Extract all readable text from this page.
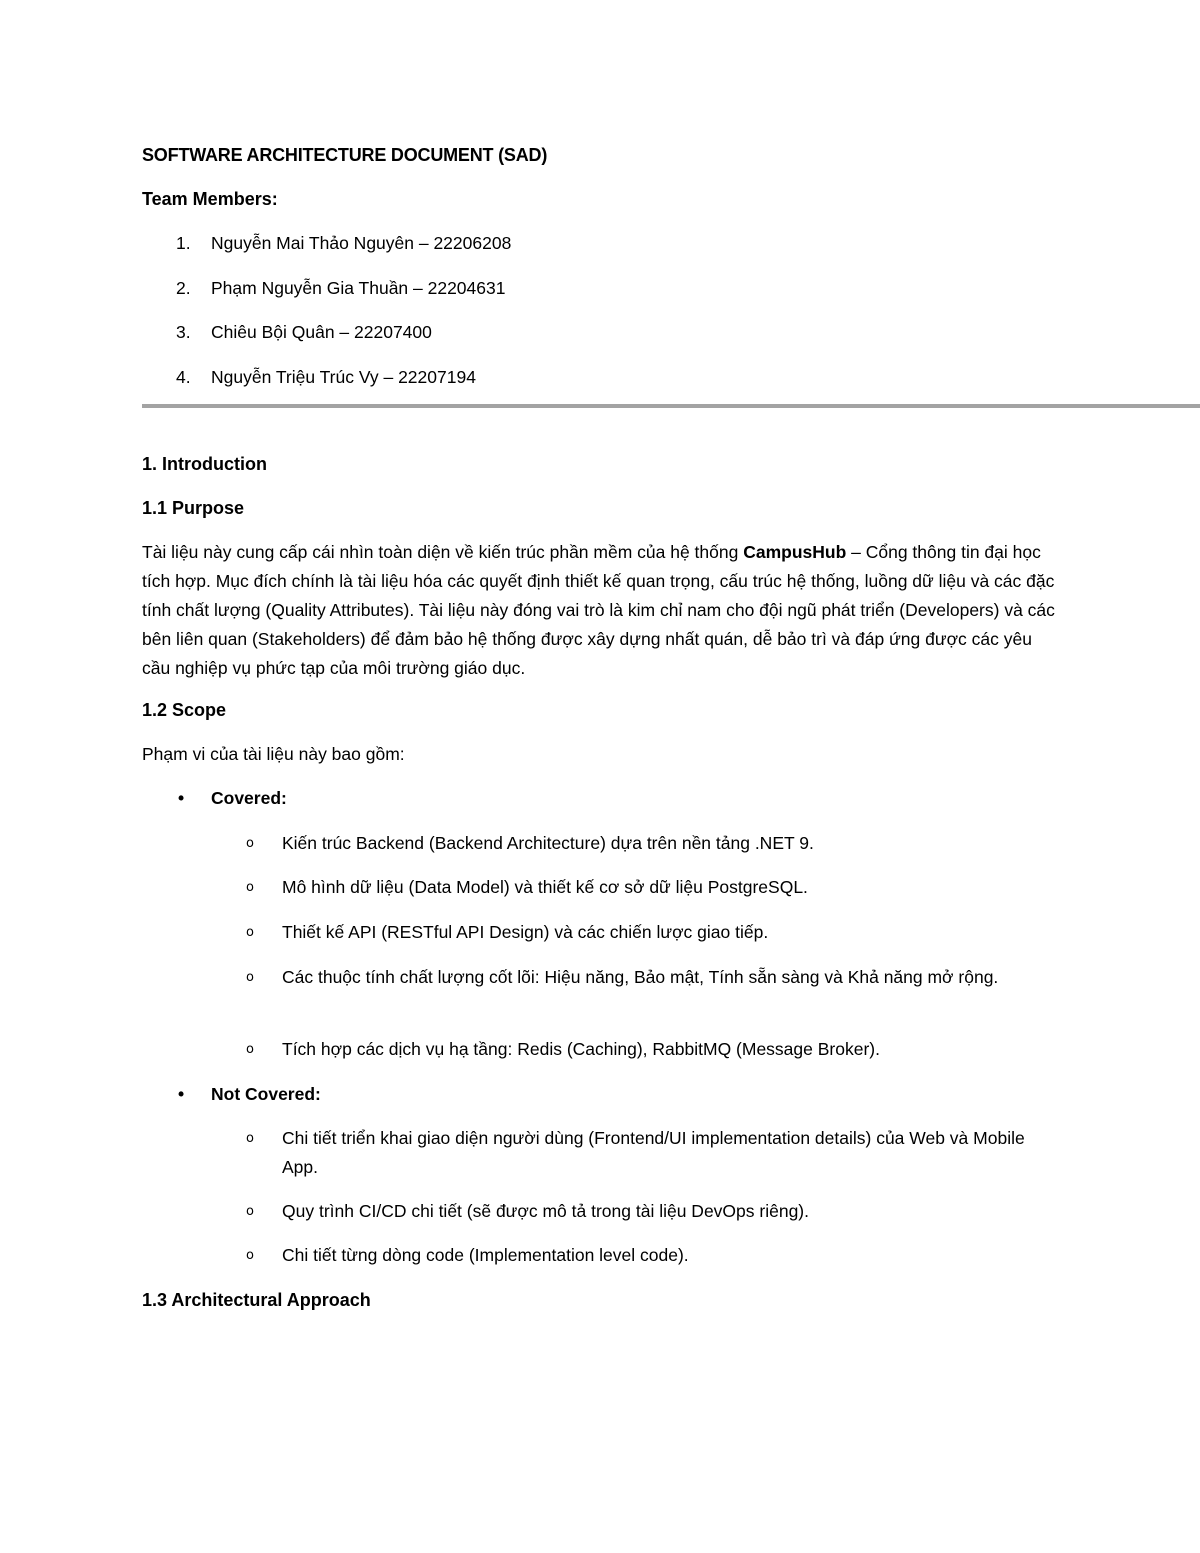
SOFTWARE ARCHITECTURE DOCUMENT (SAD)
Team Members:
1. Nguyễn Mai Thảo Nguyên – 22206208
2. Phạm Nguyễn Gia Thuần – 22204631
3. Chiêu Bội Quân – 22207400
4. Nguyễn Triệu Trúc Vy – 22207194
1. Introduction
1.1 Purpose

Tài liệu này cung cấp cái nhìn toàn diện về kiến trúc phần mềm của hệ thống CampusHub – Cổng thông tin đại học tích hợp. Mục đích chính là tài liệu hóa các quyết định thiết kế quan trọng, cấu trúc hệ thống, luồng dữ liệu và các đặc tính chất lượng (Quality Attributes). Tài liệu này đóng vai trò là kim chỉ nam cho đội ngũ phát triển (Developers) và các bên liên quan (Stakeholders) để đảm bảo hệ thống được xây dựng nhất quán, dễ bảo trì và đáp ứng được các yêu cầu nghiệp vụ phức tạp của môi trường giáo dục.

1.2 Scope

Phạm vi của tài liệu này bao gồm:

• Covered:
o Kiến trúc Backend (Backend Architecture) dựa trên nền tảng .NET 9.
o Mô hình dữ liệu (Data Model) và thiết kế cơ sở dữ liệu PostgreSQL.
o Thiết kế API (RESTful API Design) và các chiến lược giao tiếp.
o Các thuộc tính chất lượng cốt lõi: Hiệu năng, Bảo mật, Tính sẵn sàng và Khả năng mở rộng.
o Tích hợp các dịch vụ hạ tầng: Redis (Caching), RabbitMQ (Message Broker).
• Not Covered:
o Chi tiết triển khai giao diện người dùng (Frontend/UI implementation details) của Web và Mobile App.
o Quy trình CI/CD chi tiết (sẽ được mô tả trong tài liệu DevOps riêng).
o Chi tiết từng dòng code (Implementation level code).
1.3 Architectural Approach
